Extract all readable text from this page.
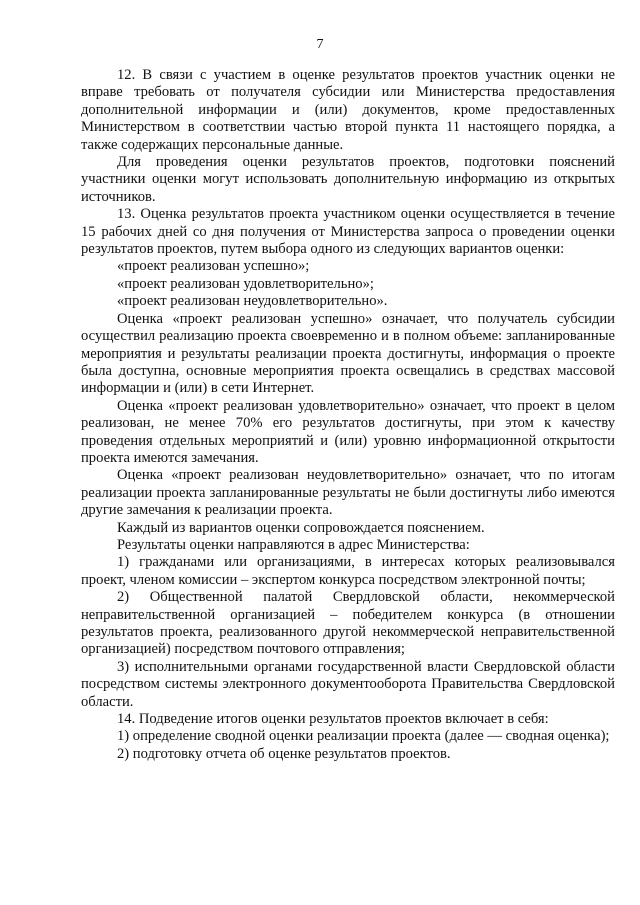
7

12. В связи с участием в оценке результатов проектов участник оценки не вправе требовать от получателя субсидии или Министерства предоставления дополнительной информации и (или) документов, кроме предоставленных Министерством в соответствии частью второй пункта 11 настоящего порядка, а также содержащих персональные данные.

Для проведения оценки результатов проектов, подготовки пояснений участники оценки могут использовать дополнительную информацию из открытых источников.

13. Оценка результатов проекта участником оценки осуществляется в течение 15 рабочих дней со дня получения от Министерства запроса о проведении оценки результатов проектов, путем выбора одного из следующих вариантов оценки:

«проект реализован успешно»;

«проект реализован удовлетворительно»;

«проект реализован неудовлетворительно».

Оценка «проект реализован успешно» означает, что получатель субсидии осуществил реализацию проекта своевременно и в полном объеме: запланированные мероприятия и результаты реализации проекта достигнуты, информация о проекте была доступна, основные мероприятия проекта освещались в средствах массовой информации и (или) в сети Интернет.

Оценка «проект реализован удовлетворительно» означает, что проект в целом реализован, не менее 70% его результатов достигнуты, при этом к качеству проведения отдельных мероприятий и (или) уровню информационной открытости проекта имеются замечания.

Оценка «проект реализован неудовлетворительно» означает, что по итогам реализации проекта запланированные результаты не были достигнуты либо имеются другие замечания к реализации проекта.

Каждый из вариантов оценки сопровождается пояснением.

Результаты оценки направляются в адрес Министерства:

1) гражданами или организациями, в интересах которых реализовывался проект, членом комиссии – экспертом конкурса посредством электронной почты;

2) Общественной палатой Свердловской области, некоммерческой неправительственной организацией – победителем конкурса (в отношении результатов проекта, реализованного другой некоммерческой неправительственной организацией) посредством почтового отправления;

3) исполнительными органами государственной власти Свердловской области посредством системы электронного документооборота Правительства Свердловской области.

14. Подведение итогов оценки результатов проектов включает в себя:

1) определение сводной оценки реализации проекта (далее — сводная оценка);

2) подготовку отчета об оценке результатов проектов.
